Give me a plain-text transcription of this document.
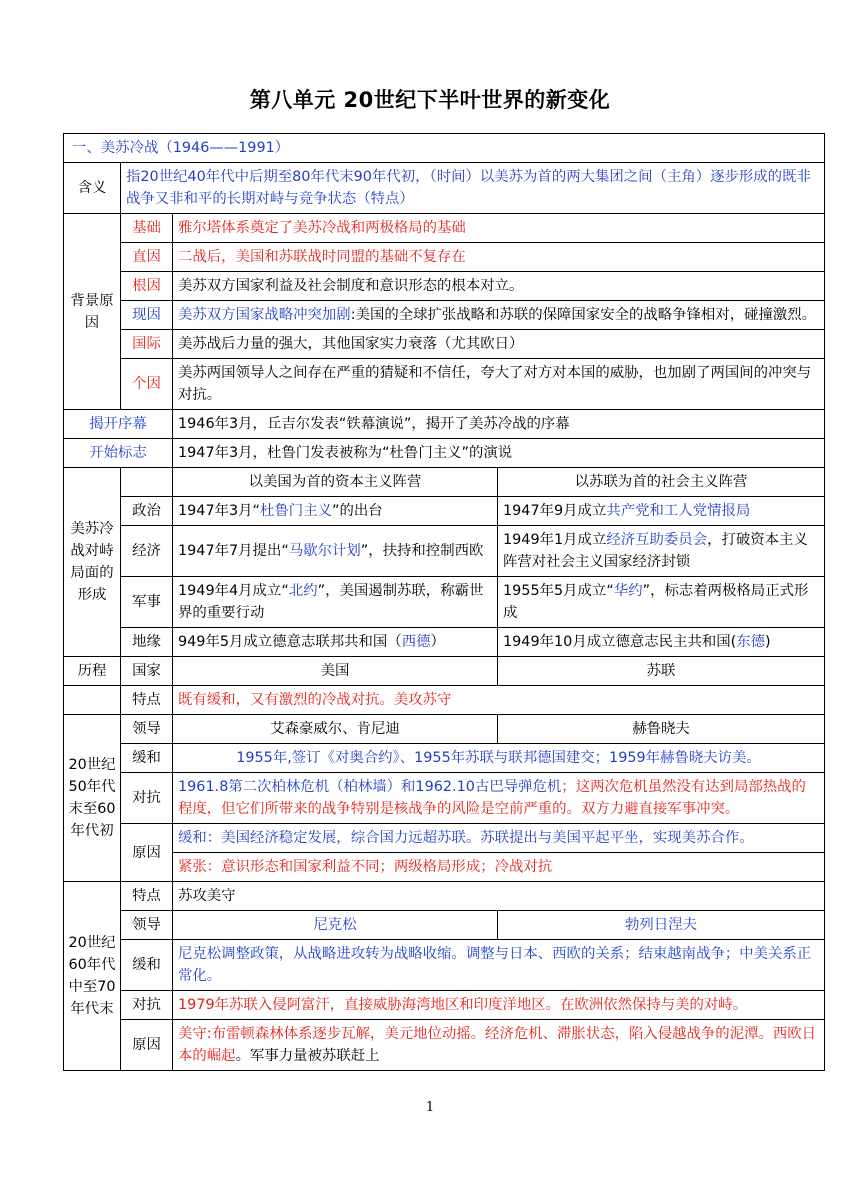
第八单元 20世纪下半叶世界的新变化
一、美苏冷战（1946——1991）			
含义	指20世纪40年代中后期至80年代末90年代初，（时间）以美苏为首的两大集团之间（主角）逐步形成的既非战争又非和平的长期对峙与竞争状态（特点）		
背景原因	基础	雅尔塔体系奠定了美苏冷战和两极格局的基础	
	直因	二战后，美国和苏联战时同盟的基础不复存在	
	根因	美苏双方国家利益及社会制度和意识形态的根本对立。	
	现因	美苏双方国家战略冲突加剧:美国的全球扩张战略和苏联的保障国家安全的战略争锋相对，碰撞激烈。	
	国际	美苏战后力量的强大，其他国家实力衰落（尤其欧日）	
	个因	美苏两国领导人之间存在严重的猜疑和不信任，夸大了对方对本国的威胁，也加剧了两国间的冲突与对抗。	
揭开序幕		1946年3月，丘吉尔发表“铁幕演说”，揭开了美苏冷战的序幕	
开始标志		1947年3月，杜鲁门发表被称为“杜鲁门主义”的演说	
美苏冷战对峙局面的形成		以美国为首的资本主义阵营	以苏联为首的社会主义阵营
	政治	1947年3月“杜鲁门主义”的出台	1947年9月成立共产党和工人党情报局
	经济	1947年7月提出“马歇尔计划”，扶持和控制西欧	1949年1月成立经济互助委员会，打破资本主义阵营对社会主义国家经济封锁
	军事	1949年4月成立“北约”，美国遏制苏联，称霸世界的重要行动	1955年5月成立“华约”，标志着两极格局正式形成
	地缘	949年5月成立德意志联邦共和国（西德）	1949年10月成立德意志民主共和国(东德)
历程	国家	美国	苏联
	特点	既有缓和，又有激烈的冷战对抗。美攻苏守	
20世纪50年代末至60年代初	领导	艾森豪威尔、肯尼迪	赫鲁晓夫
	缓和	1955年,签订《对奥合约》、1955年苏联与联邦德国建交；1959年赫鲁晓夫访美。	
	对抗	1961.8第二次柏林危机（柏林墙）和1962.10古巴导弹危机；这两次危机虽然没有达到局部热战的程度，但它们所带来的战争特别是核战争的风险是空前严重的。双方力避直接军事冲突。	
	原因	缓和：美国经济稳定发展，综合国力远超苏联。苏联提出与美国平起平坐，实现美苏合作。	
		紧张：意识形态和国家利益不同；两级格局形成；冷战对抗	
20世纪60年代中至70年代末	特点	苏攻美守	
	领导	尼克松	勃列日涅夫
	缓和	尼克松调整政策，从战略进攻转为战略收缩。调整与日本、西欧的关系；结束越南战争；中美关系正常化。	
	对抗	1979年苏联入侵阿富汗，直接威胁海湾地区和印度洋地区。在欧洲依然保持与美的对峙。	
	原因	美守:布雷顿森林体系逐步瓦解，美元地位动摇。经济危机、滞胀状态，陷入侵越战争的泥潭。西欧日本的崛起。军事力量被苏联赶上	
1
